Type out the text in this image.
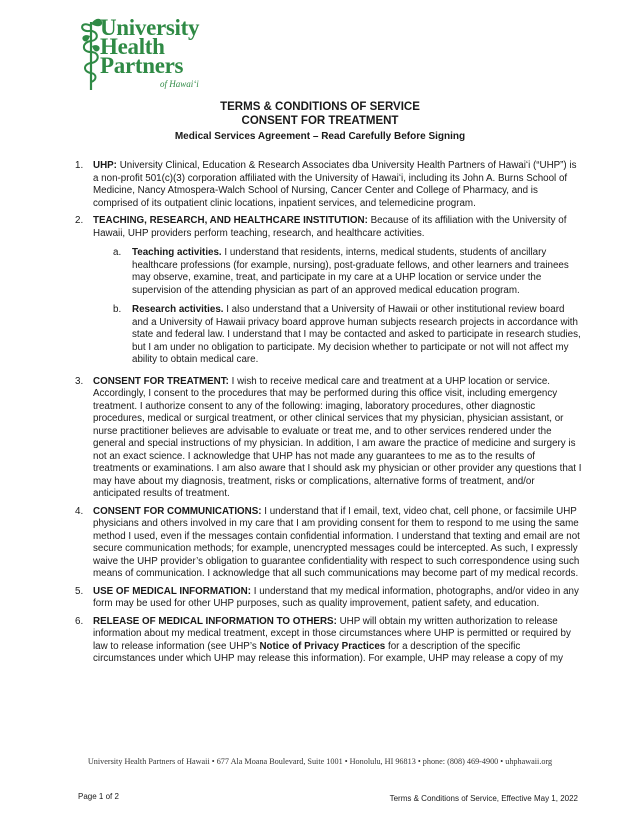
University
Health
Partners
of Hawaiʻi
TERMS & CONDITIONS OF SERVICE
CONSENT FOR TREATMENT
Medical Services Agreement – Read Carefully Before Signing
1. UHP: University Clinical, Education & Research Associates dba University Health Partners of Hawaiʻi (“UHP”) is a non-profit 501(c)(3) corporation affiliated with the University of Hawaiʻi, including its John A. Burns School of Medicine, Nancy Atmospera-Walch School of Nursing, Cancer Center and College of Pharmacy, and is comprised of its outpatient clinic locations, inpatient services, and telemedicine program.
2. TEACHING, RESEARCH, AND HEALTHCARE INSTITUTION: Because of its affiliation with the University of Hawaii, UHP providers perform teaching, research, and healthcare activities.
a. Teaching activities. I understand that residents, interns, medical students, students of ancillary healthcare professions (for example, nursing), post-graduate fellows, and other learners and trainees may observe, examine, treat, and participate in my care at a UHP location or service under the supervision of the attending physician as part of an approved medical education program.
b. Research activities. I also understand that a University of Hawaii or other institutional review board and a University of Hawaii privacy board approve human subjects research projects in accordance with state and federal law. I understand that I may be contacted and asked to participate in research studies, but I am under no obligation to participate. My decision whether to participate or not will not affect my ability to obtain medical care.
3. CONSENT FOR TREATMENT: I wish to receive medical care and treatment at a UHP location or service. Accordingly, I consent to the procedures that may be performed during this office visit, including emergency treatment. I authorize consent to any of the following: imaging, laboratory procedures, other diagnostic procedures, medical or surgical treatment, or other clinical services that my physician, physician assistant, or nurse practitioner believes are advisable to evaluate or treat me, and to other services rendered under the general and special instructions of my physician. In addition, I am aware the practice of medicine and surgery is not an exact science. I acknowledge that UHP has not made any guarantees to me as to the results of treatments or examinations. I am also aware that I should ask my physician or other provider any questions that I may have about my diagnosis, treatment, risks or complications, alternative forms of treatment, and/or anticipated results of treatment.
4. CONSENT FOR COMMUNICATIONS: I understand that if I email, text, video chat, cell phone, or facsimile UHP physicians and others involved in my care that I am providing consent for them to respond to me using the same method I used, even if the messages contain confidential information. I understand that texting and email are not secure communication methods; for example, unencrypted messages could be intercepted. As such, I expressly waive the UHP provider’s obligation to guarantee confidentiality with respect to such correspondence using such means of communication. I acknowledge that all such communications may become part of my medical records.
5. USE OF MEDICAL INFORMATION: I understand that my medical information, photographs, and/or video in any form may be used for other UHP purposes, such as quality improvement, patient safety, and education.
6. RELEASE OF MEDICAL INFORMATION TO OTHERS: UHP will obtain my written authorization to release information about my medical treatment, except in those circumstances where UHP is permitted or required by law to release information (see UHP’s Notice of Privacy Practices for a description of the specific circumstances under which UHP may release this information). For example, UHP may release a copy of my
University Health Partners of Hawaii • 677 Ala Moana Boulevard, Suite 1001 • Honolulu, HI 96813 • phone: (808) 469-4900 • uhphawaii.org
Page 1 of 2	Terms & Conditions of Service, Effective May 1, 2022
